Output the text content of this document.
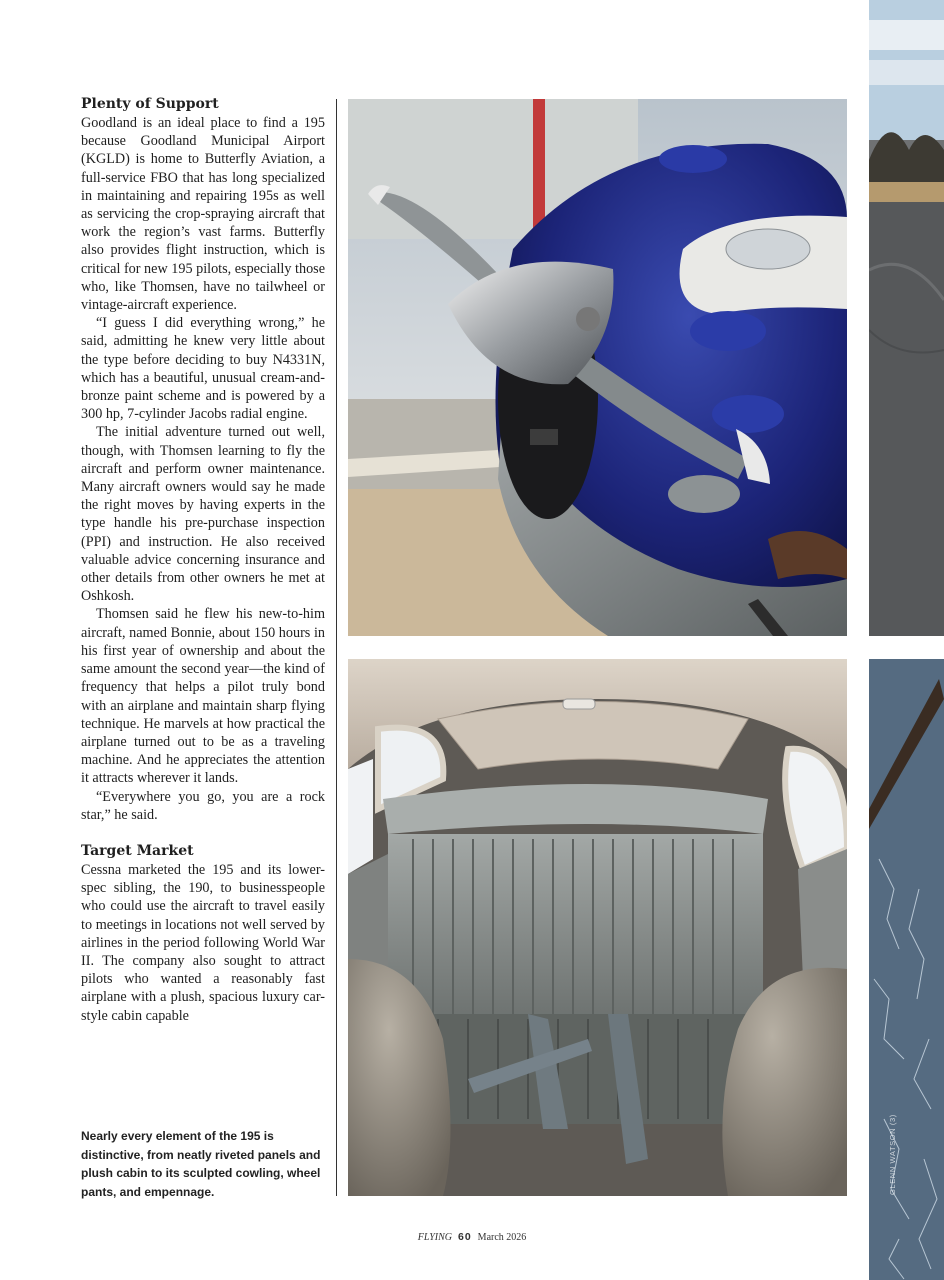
Plenty of Support

Goodland is an ideal place to find a 195 because Goodland Municipal Airport (KGLD) is home to Butterfly Aviation, a full-service FBO that has long specialized in maintaining and repairing 195s as well as servicing the crop-spraying aircraft that work the region’s vast farms. Butterfly also provides flight instruction, which is critical for new 195 pilots, especially those who, like Thomsen, have no tailwheel or vintage-aircraft experience.

“I guess I did everything wrong,” he said, admitting he knew very little about the type before deciding to buy N4331N, which has a beautiful, unusual cream-and-bronze paint scheme and is powered by a 300 hp, 7-cylinder Jacobs radial engine.

The initial adventure turned out well, though, with Thomsen learning to fly the aircraft and perform owner maintenance. Many aircraft owners would say he made the right moves by having experts in the type handle his pre-purchase inspection (PPI) and instruction. He also received valuable advice concerning insurance and other details from other owners he met at Oshkosh.

Thomsen said he flew his new-to-him aircraft, named Bonnie, about 150 hours in his first year of ownership and about the same amount the second year—the kind of frequency that helps a pilot truly bond with an airplane and maintain sharp flying technique. He marvels at how practical the airplane turned out to be as a traveling machine. And he appreciates the attention it attracts wherever it lands.

“Everywhere you go, you are a rock star,” he said.

Target Market

Cessna marketed the 195 and its lower-spec sibling, the 190, to businesspeople who could use the aircraft to travel easily to meetings in locations not well served by airlines in the period following World War II. The company also sought to attract pilots who wanted a reasonably fast airplane with a plush, spacious luxury car-style cabin capable

Nearly every element of the 195 is distinctive, from neatly riveted panels and plush cabin to its sculpted cowling, wheel pants, and empennage.	GLENN WATSON (3)
FLYING 60 March 2026
